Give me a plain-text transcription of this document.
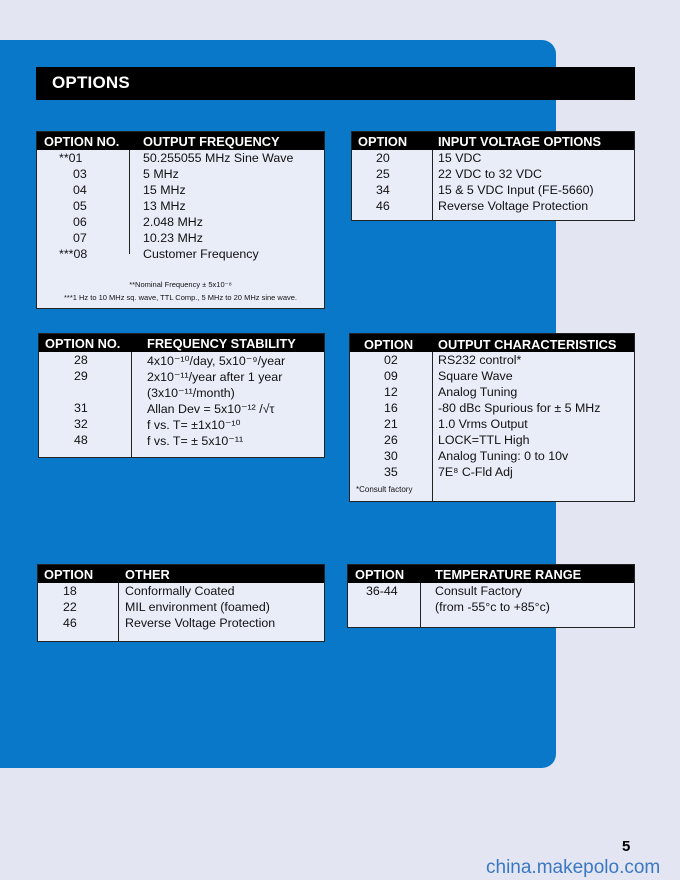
OPTIONS
OPTION NO. OUTPUT FREQUENCY
**01	50.255055 MHz Sine Wave
03	5 MHz
04	15 MHz
05	13 MHz
06	2.048 MHz
07	10.23 MHz
***08	Customer Frequency
**Nominal Frequency ± 5x10⁻⁸
***1 Hz to 10 MHz sq. wave, TTL Comp., 5 MHz to 20 MHz sine wave.
OPTION INPUT VOLTAGE OPTIONS
20	15 VDC
25	22 VDC to 32 VDC
34	15 & 5 VDC Input (FE-5660)
46	Reverse Voltage Protection
OPTION NO. FREQUENCY STABILITY
28	4x10⁻¹⁰/day, 5x10⁻⁹/year
29	2x10⁻¹¹/year after 1 year
(3x10⁻¹¹/month)
31	Allan Dev = 5x10⁻¹² /√τ
32	f vs. T= ±1x10⁻¹⁰
48	f vs. T= ± 5x10⁻¹¹
OPTION OUTPUT CHARACTERISTICS
02	RS232 control*
09	Square Wave
12	Analog Tuning
16	-80 dBc Spurious for ± 5 MHz
21	1.0 Vrms Output
26	LOCK=TTL High
30	Analog Tuning: 0 to 10v
35	7E⁸ C-Fld Adj
*Consult factory
OPTION OTHER
18	Conformally Coated
22	MIL environment (foamed)
46	Reverse Voltage Protection
OPTION TEMPERATURE RANGE
36-44	Consult Factory
(from -55°c to +85°c)
5
china.makepolo.com
